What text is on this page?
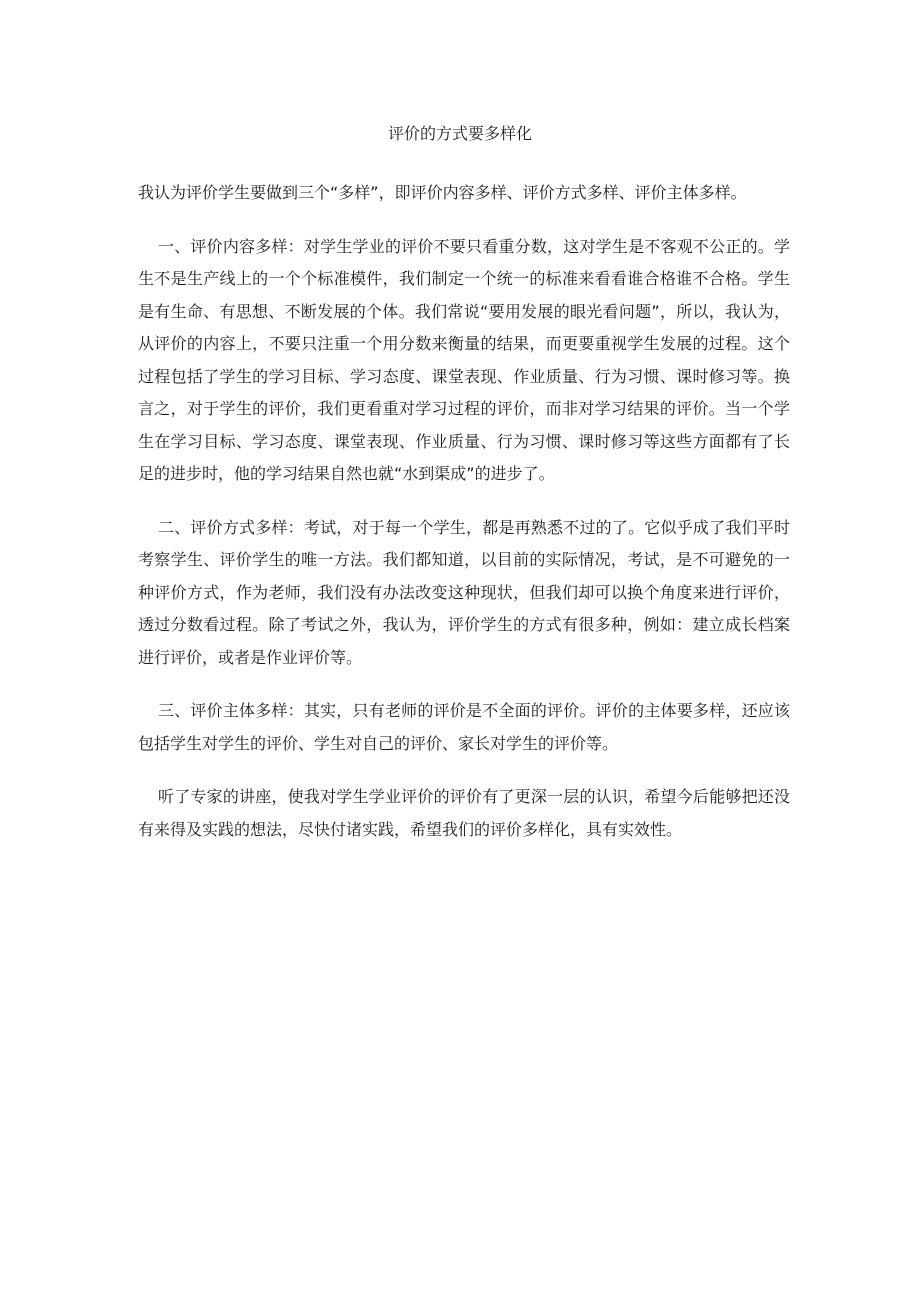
评价的方式要多样化

我认为评价学生要做到三个“多样”，即评价内容多样、评价方式多样、评价主体多样。

一、评价内容多样：对学生学业的评价不要只看重分数，这对学生是不客观不公正的。学生不是生产线上的一个个标准模件，我们制定一个统一的标准来看看谁合格谁不合格。学生是有生命、有思想、不断发展的个体。我们常说“要用发展的眼光看问题”，所以，我认为，从评价的内容上，不要只注重一个用分数来衡量的结果，而更要重视学生发展的过程。这个过程包括了学生的学习目标、学习态度、课堂表现、作业质量、行为习惯、课时修习等。换言之，对于学生的评价，我们更看重对学习过程的评价，而非对学习结果的评价。当一个学生在学习目标、学习态度、课堂表现、作业质量、行为习惯、课时修习等这些方面都有了长足的进步时，他的学习结果自然也就“水到渠成”的进步了。

二、评价方式多样：考试，对于每一个学生，都是再熟悉不过的了。它似乎成了我们平时考察学生、评价学生的唯一方法。我们都知道，以目前的实际情况，考试，是不可避免的一种评价方式，作为老师，我们没有办法改变这种现状，但我们却可以换个角度来进行评价，透过分数看过程。除了考试之外，我认为，评价学生的方式有很多种，例如：建立成长档案进行评价，或者是作业评价等。

三、评价主体多样：其实，只有老师的评价是不全面的评价。评价的主体要多样，还应该包括学生对学生的评价、学生对自己的评价、家长对学生的评价等。

听了专家的讲座，使我对学生学业评价的评价有了更深一层的认识，希望今后能够把还没有来得及实践的想法，尽快付诸实践，希望我们的评价多样化，具有实效性。
